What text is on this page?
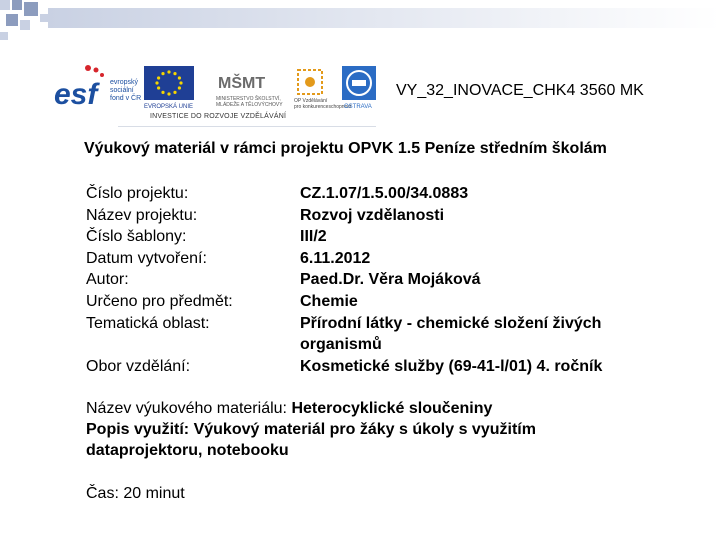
esf	evropský
sociální
fond v ČR
EVROPSKÁ UNIE
MŠMT
MINISTERSTVO ŠKOLSTVÍ,
MLÁDEŽE A TĚLOVÝCHOVY
OP Vzdělávání
pro konkurenceschopnost
OSTRAVA
INVESTICE DO ROZVOJE VZDĚLÁVÁNÍ
VY_32_INOVACE_CHK4 3560 MK
Výukový materiál v rámci projektu OPVK 1.5 Peníze středním školám
Číslo projektu:	CZ.1.07/1.5.00/34.0883
Název projektu:	Rozvoj vzdělanosti
Číslo šablony:	III/2
Datum vytvoření:	6.11.2012
Autor:	Paed.Dr. Věra Mojáková
Určeno pro předmět:	Chemie
Tematická oblast:	Přírodní látky - chemické složení živých
organismů
Obor vzdělání:	Kosmetické služby (69-41-l/01) 4. ročník
Název výukového materiálu: Heterocyklické sloučeniny
Popis využití: Výukový materiál pro žáky s úkoly s využitím
dataprojektoru, notebooku
Čas: 20 minut
